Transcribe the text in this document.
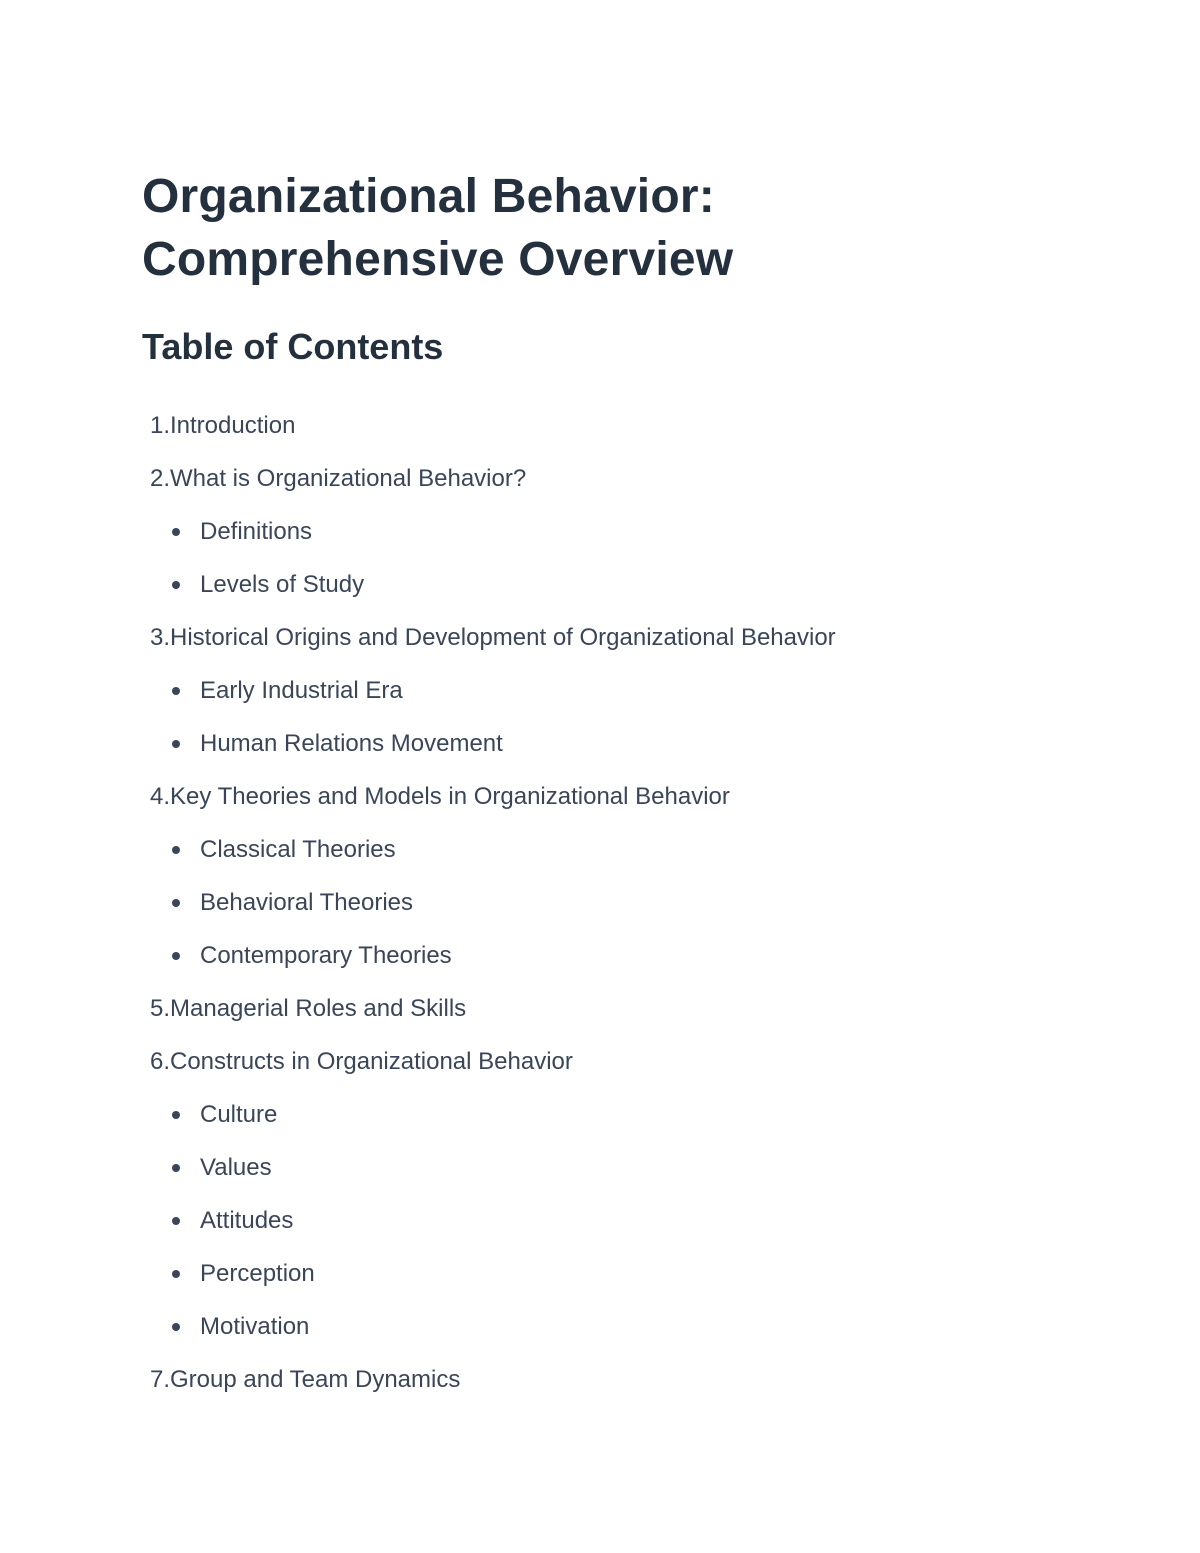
Organizational Behavior:
Comprehensive Overview
Table of Contents
1. Introduction
2. What is Organizational Behavior?
Definitions
Levels of Study
3. Historical Origins and Development of Organizational Behavior
Early Industrial Era
Human Relations Movement
4. Key Theories and Models in Organizational Behavior
Classical Theories
Behavioral Theories
Contemporary Theories
5. Managerial Roles and Skills
6. Constructs in Organizational Behavior
Culture
Values
Attitudes
Perception
Motivation
7. Group and Team Dynamics
